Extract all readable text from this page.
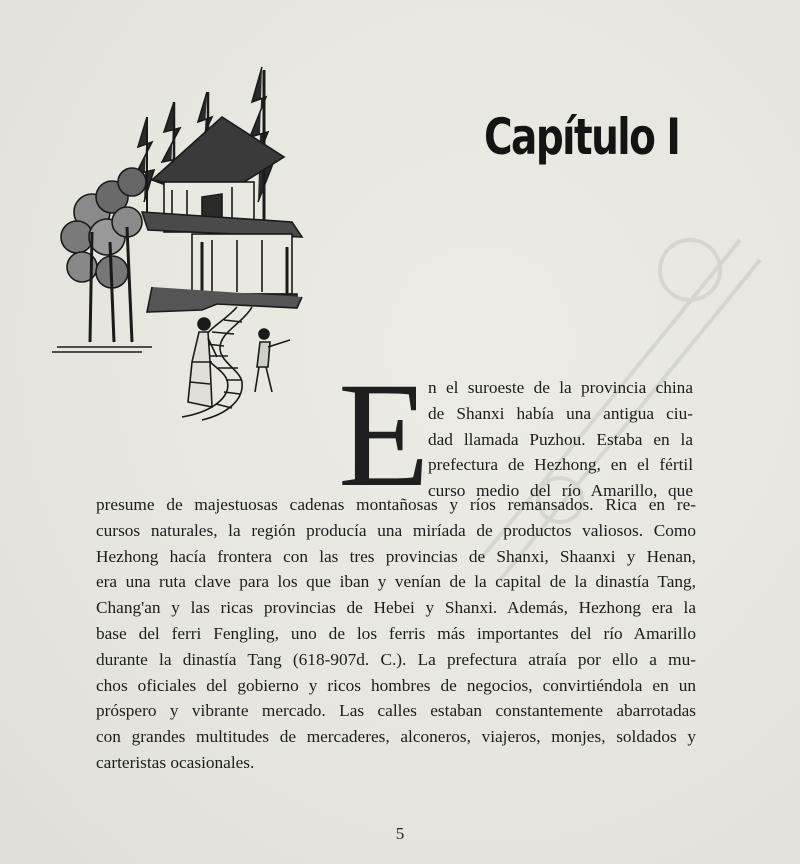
Capítulo I
E
n el suroeste de la provincia china
de Shanxi había una antigua ciu-
dad llamada Puzhou. Estaba en la
prefectura de Hezhong, en el fértil
curso medio del río Amarillo, que
presume de majestuosas cadenas montañosas y ríos remansados. Rica en re-
cursos naturales, la región producía una miríada de productos valiosos. Como
Hezhong hacía frontera con las tres provincias de Shanxi, Shaanxi y Henan,
era una ruta clave para los que iban y venían de la capital de la dinastía Tang,
Chang'an y las ricas provincias de Hebei y Shanxi. Además, Hezhong era la
base del ferri Fengling, uno de los ferris más importantes del río Amarillo
durante la dinastía Tang (618-907d. C.). La prefectura atraía por ello a mu-
chos oficiales del gobierno y ricos hombres de negocios, convirtiéndola en un
próspero y vibrante mercado. Las calles estaban constantemente abarrotadas
con grandes multitudes de mercaderes, alconeros, viajeros, monjes, soldados y
carteristas ocasionales.
5
